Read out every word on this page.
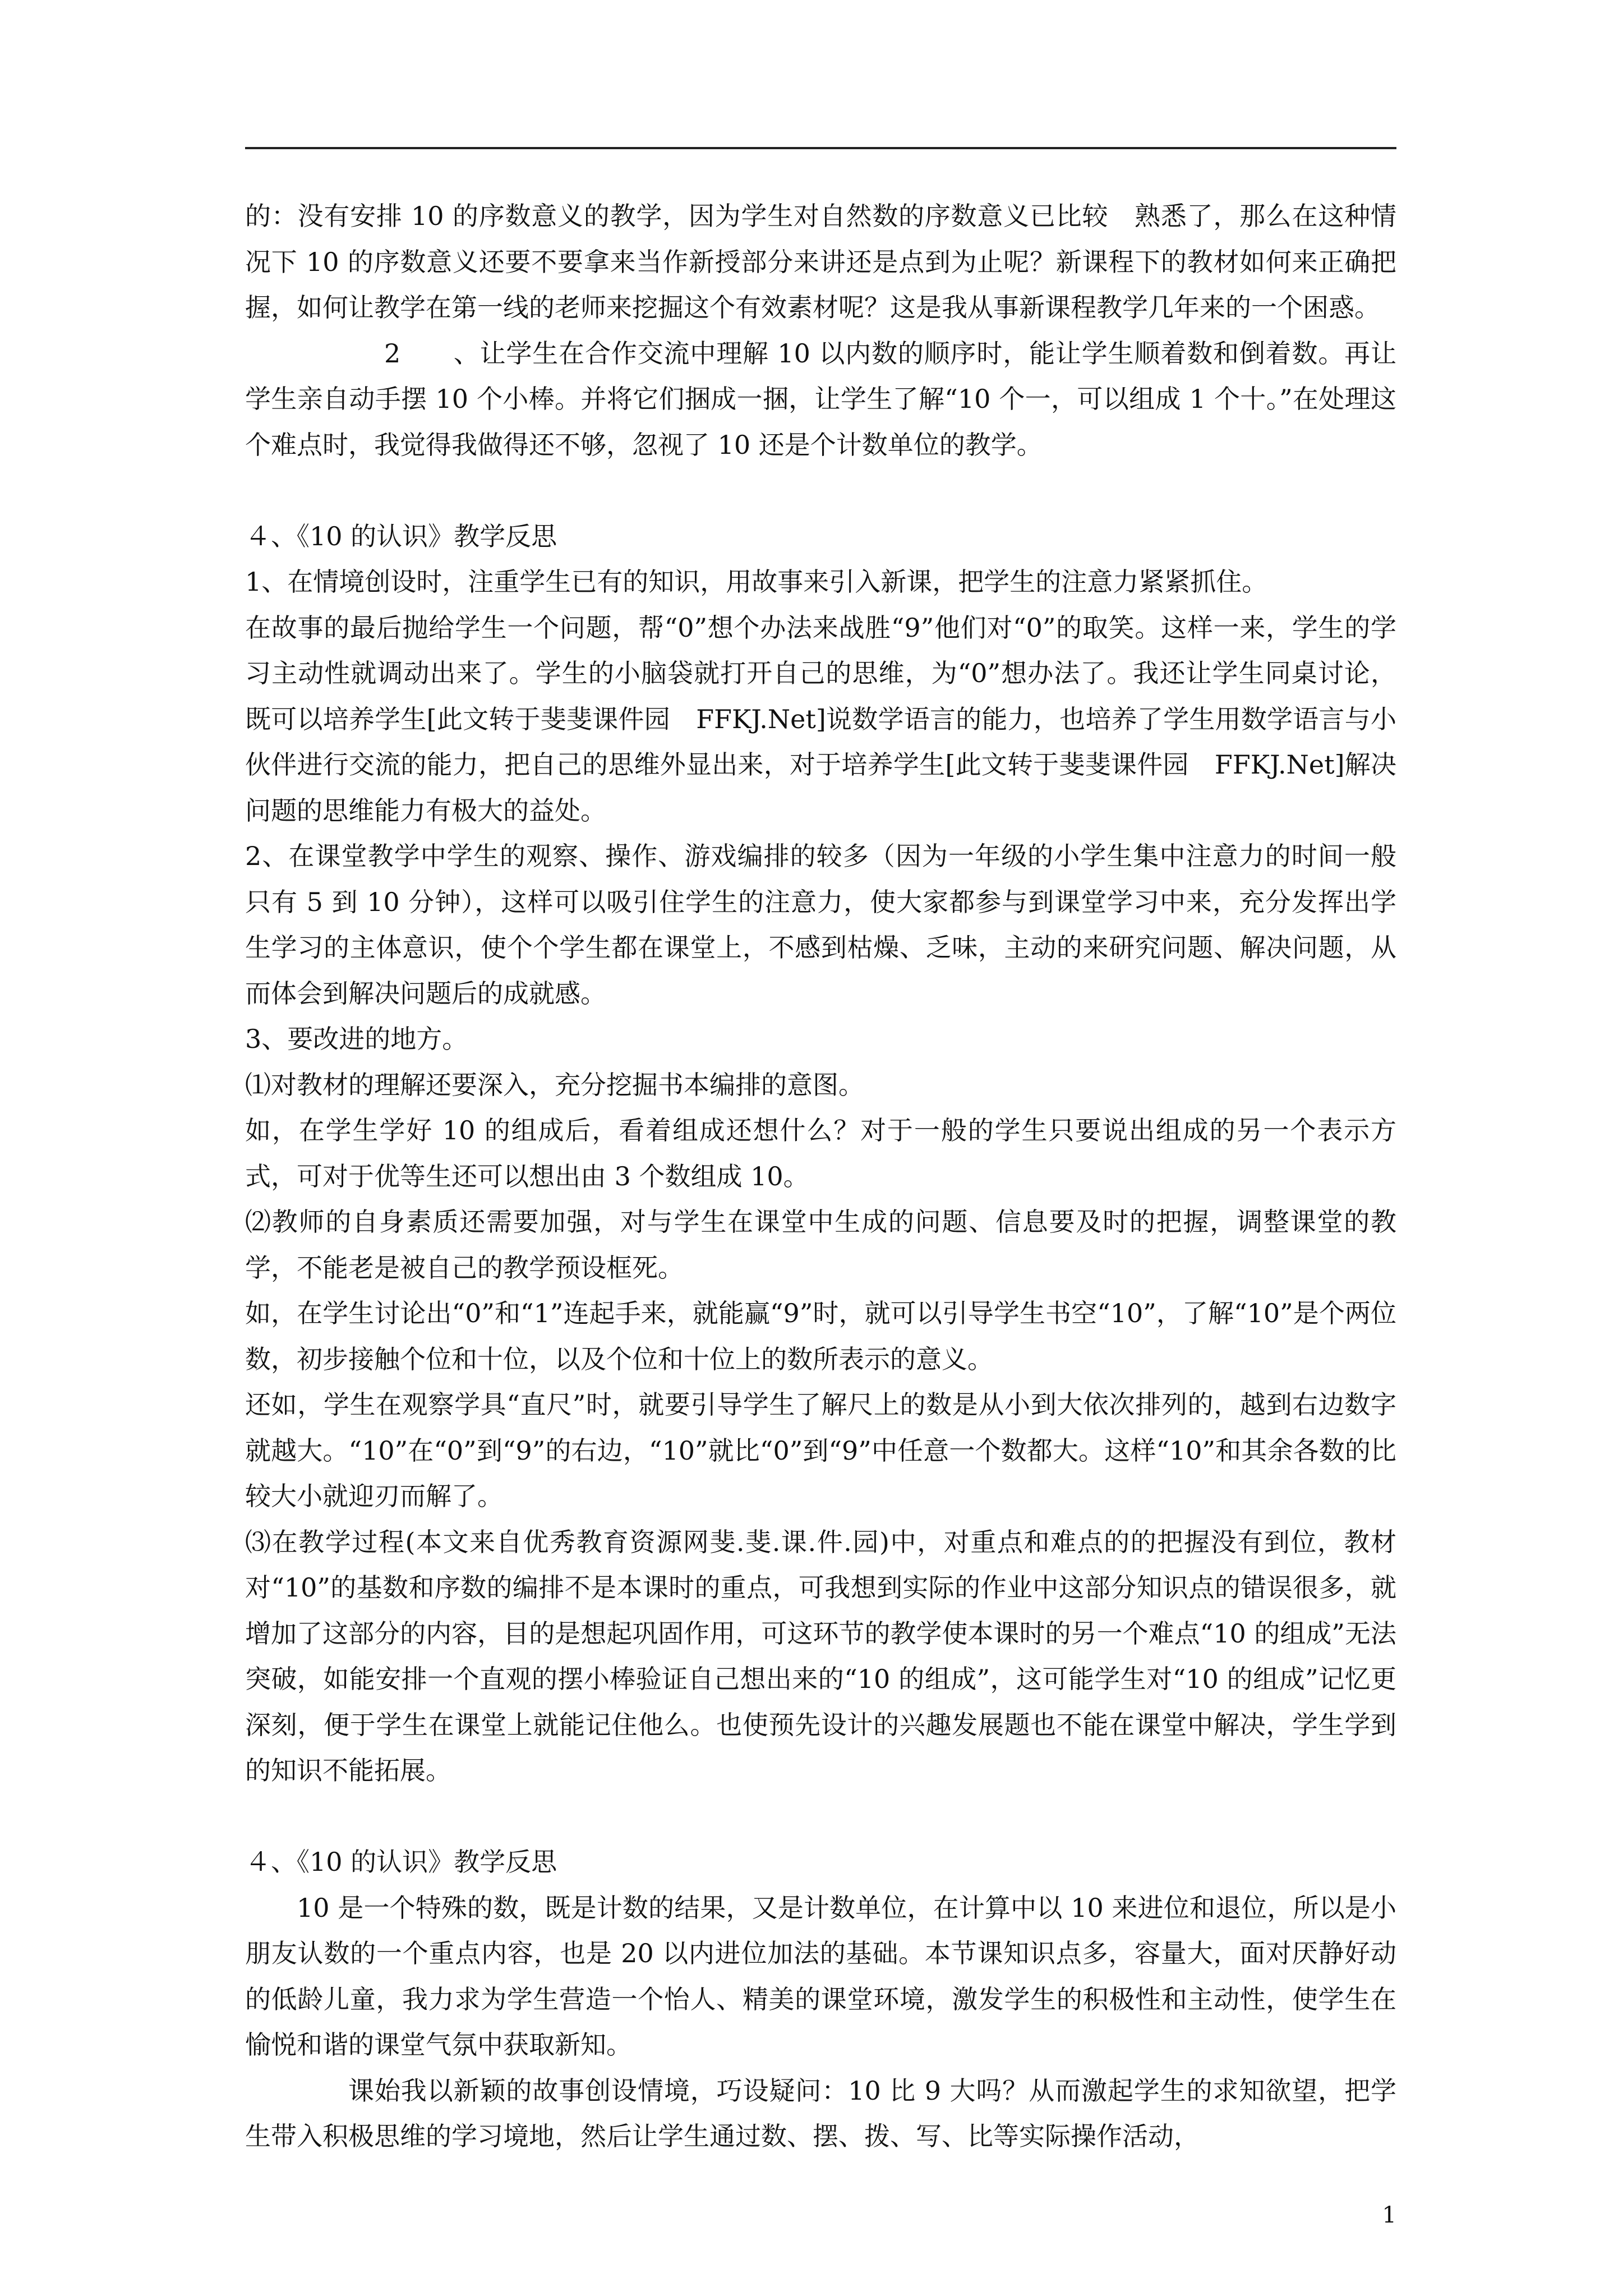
的：没有安排 10 的序数意义的教学，因为学生对自然数的序数意义已比较　熟悉了，那么在这种情况下 10 的序数意义还要不要拿来当作新授部分来讲还是点到为止呢？新课程下的教材如何来正确把握，如何让教学在第一线的老师来挖掘这个有效素材呢？这是我从事新课程教学几年来的一个困惑。

2　　、让学生在合作交流中理解 10 以内数的顺序时，能让学生顺着数和倒着数。再让学生亲自动手摆 10 个小棒。并将它们捆成一捆，让学生了解“10 个一，可以组成 1 个十。”在处理这个难点时，我觉得我做得还不够，忽视了 10 还是个计数单位的教学。

４、《10 的认识》教学反思

1、在情境创设时，注重学生已有的知识，用故事来引入新课，把学生的注意力紧紧抓住。

在故事的最后抛给学生一个问题，帮“0”想个办法来战胜“9”他们对“0”的取笑。这样一来，学生的学习主动性就调动出来了。学生的小脑袋就打开自己的思维，为“0”想办法了。我还让学生同桌讨论，既可以培养学生[此文转于斐斐课件园　FFKJ.Net]说数学语言的能力，也培养了学生用数学语言与小伙伴进行交流的能力，把自己的思维外显出来，对于培养学生[此文转于斐斐课件园　FFKJ.Net]解决问题的思维能力有极大的益处。

2、在课堂教学中学生的观察、操作、游戏编排的较多（因为一年级的小学生集中注意力的时间一般只有 5 到 10 分钟），这样可以吸引住学生的注意力，使大家都参与到课堂学习中来，充分发挥出学生学习的主体意识，使个个学生都在课堂上，不感到枯燥、乏味，主动的来研究问题、解决问题，从而体会到解决问题后的成就感。

3、要改进的地方。

⑴对教材的理解还要深入，充分挖掘书本编排的意图。

如，在学生学好 10 的组成后，看着组成还想什么？对于一般的学生只要说出组成的另一个表示方式，可对于优等生还可以想出由 3 个数组成 10。

⑵教师的自身素质还需要加强，对与学生在课堂中生成的问题、信息要及时的把握，调整课堂的教学，不能老是被自己的教学预设框死。

如，在学生讨论出“0”和“1”连起手来，就能赢“9”时，就可以引导学生书空“10”，了解“10”是个两位数，初步接触个位和十位，以及个位和十位上的数所表示的意义。

还如，学生在观察学具“直尺”时，就要引导学生了解尺上的数是从小到大依次排列的，越到右边数字就越大。“10”在“0”到“9”的右边，“10”就比“0”到“9”中任意一个数都大。这样“10”和其余各数的比较大小就迎刃而解了。

⑶在教学过程(本文来自优秀教育资源网斐.斐.课.件.园)中，对重点和难点的的把握没有到位，教材对“10”的基数和序数的编排不是本课时的重点，可我想到实际的作业中这部分知识点的错误很多，就增加了这部分的内容，目的是想起巩固作用，可这环节的教学使本课时的另一个难点“10 的组成”无法突破，如能安排一个直观的摆小棒验证自己想出来的“10 的组成”，这可能学生对“10 的组成”记忆更深刻，便于学生在课堂上就能记住他么。也使预先设计的兴趣发展题也不能在课堂中解决，学生学到的知识不能拓展。

４、《10 的认识》教学反思

10 是一个特殊的数，既是计数的结果，又是计数单位，在计算中以 10 来进位和退位，所以是小朋友认数的一个重点内容，也是 20 以内进位加法的基础。本节课知识点多，容量大，面对厌静好动的低龄儿童，我力求为学生营造一个怡人、精美的课堂环境，激发学生的积极性和主动性，使学生在愉悦和谐的课堂气氛中获取新知。

课始我以新颖的故事创设情境，巧设疑问：10 比 9 大吗？从而激起学生的求知欲望，把学生带入积极思维的学习境地，然后让学生通过数、摆、拨、写、比等实际操作活动，

1
